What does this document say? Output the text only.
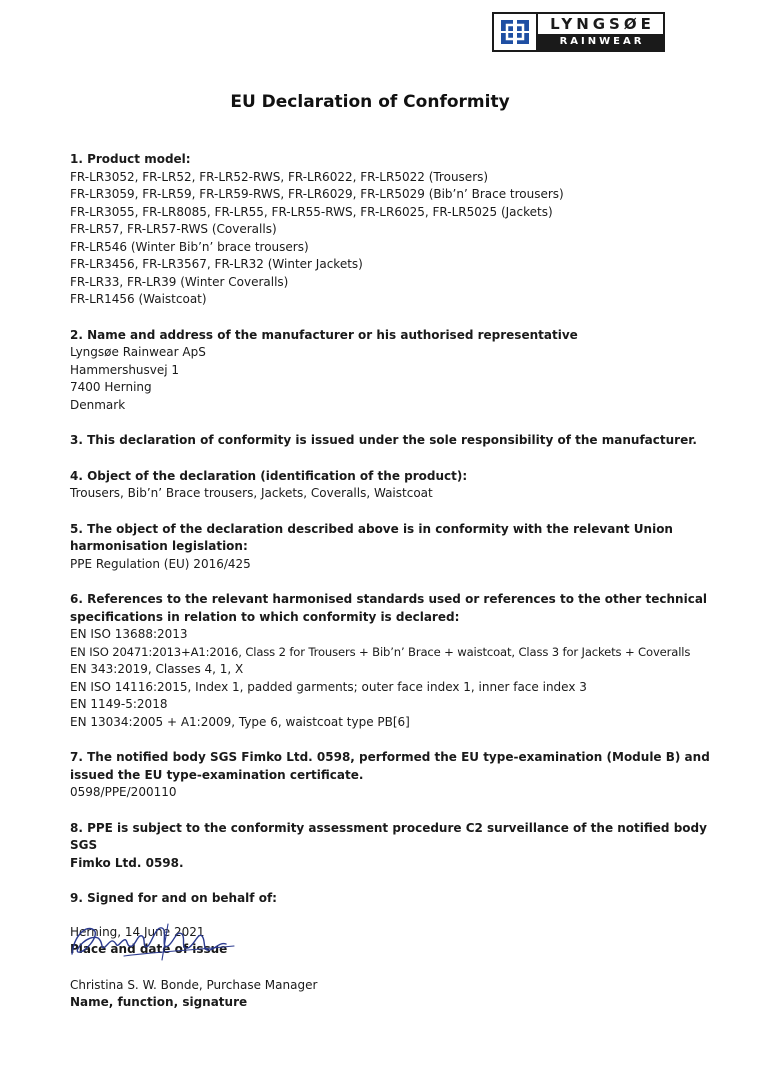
LYNGSØE
RAINWEAR
EU Declaration of Conformity

1. Product model:

FR-LR3052, FR-LR52, FR-LR52-RWS, FR-LR6022, FR-LR5022 (Trousers)

FR-LR3059, FR-LR59, FR-LR59-RWS, FR-LR6029, FR-LR5029 (Bib’n’ Brace trousers)

FR-LR3055, FR-LR8085, FR-LR55, FR-LR55-RWS, FR-LR6025, FR-LR5025 (Jackets)

FR-LR57, FR-LR57-RWS (Coveralls)

FR-LR546 (Winter Bib’n’ brace trousers)

FR-LR3456, FR-LR3567, FR-LR32 (Winter Jackets)

FR-LR33, FR-LR39 (Winter Coveralls)

FR-LR1456 (Waistcoat)

2. Name and address of the manufacturer or his authorised representative

Lyngsøe Rainwear ApS

Hammershusvej 1

7400 Herning

Denmark

3. This declaration of conformity is issued under the sole responsibility of the manufacturer.

4. Object of the declaration (identification of the product):

Trousers, Bib’n’ Brace trousers, Jackets, Coveralls, Waistcoat

5. The object of the declaration described above is in conformity with the relevant Union

harmonisation legislation:

PPE Regulation (EU) 2016/425

6. References to the relevant harmonised standards used or references to the other technical

specifications in relation to which conformity is declared:

EN ISO 13688:2013

EN ISO 20471:2013+A1:2016, Class 2 for Trousers + Bib’n’ Brace + waistcoat, Class 3 for Jackets + Coveralls

EN 343:2019, Classes 4, 1, X

EN ISO 14116:2015, Index 1, padded garments; outer face index 1, inner face index 3

EN 1149-5:2018

EN 13034:2005 + A1:2009, Type 6, waistcoat type PB[6]

7. The notified body SGS Fimko Ltd. 0598, performed the EU type-examination (Module B) and

issued the EU type-examination certificate.

0598/PPE/200110

8. PPE is subject to the conformity assessment procedure C2 surveillance of the notified body SGS

Fimko Ltd. 0598.

9. Signed for and on behalf of:

Herning, 14 June 2021

Place and date of issue

Christina S. W. Bonde, Purchase Manager

Name, function, signature
